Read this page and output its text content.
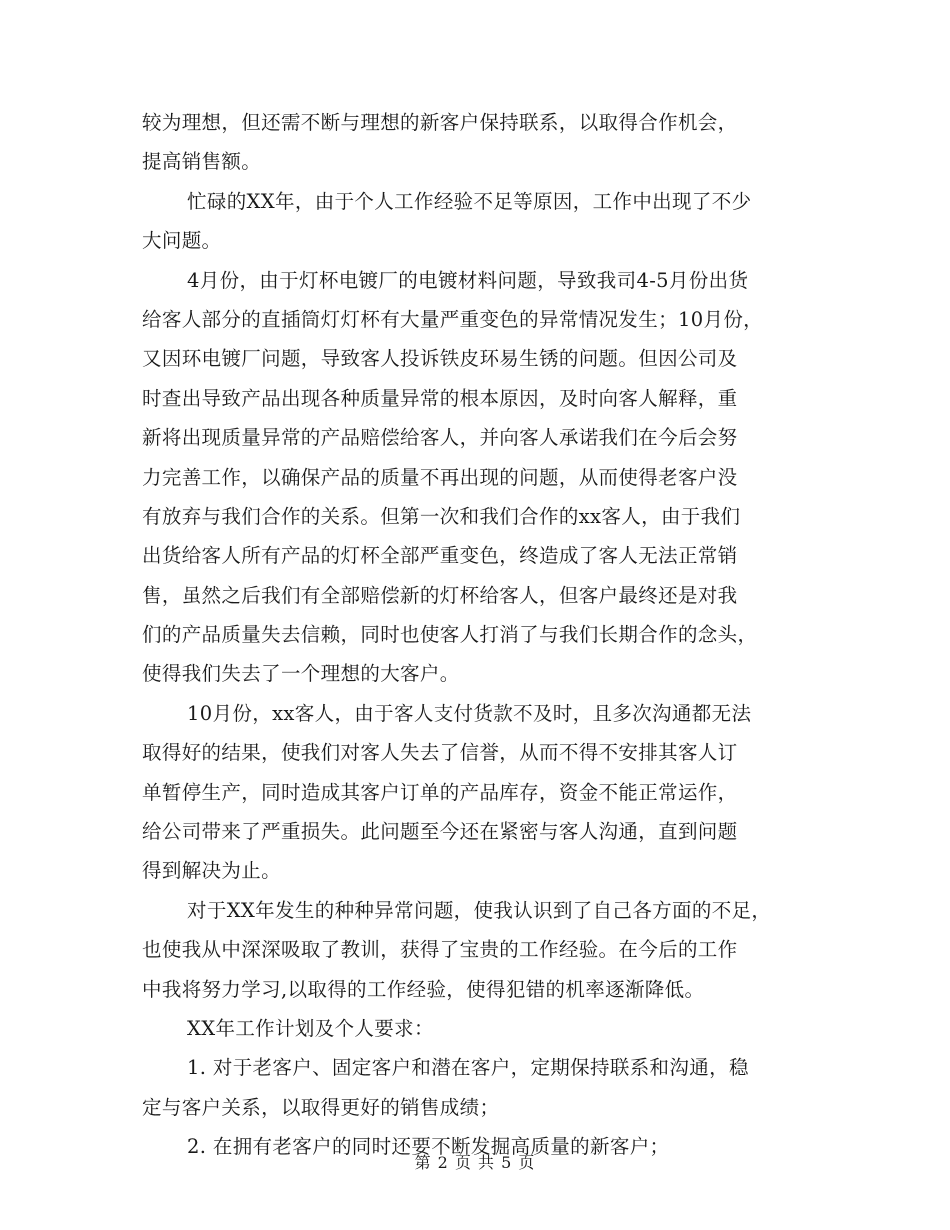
较为理想，但还需不断与理想的新客户保持联系，以取得合作机会，
提高销售额。
忙碌的XX年，由于个人工作经验不足等原因，工作中出现了不少
大问题。
4月份，由于灯杯电镀厂的电镀材料问题，导致我司4-5月份出货
给客人部分的直插筒灯灯杯有大量严重变色的异常情况发生；10月份，
又因环电镀厂问题，导致客人投诉铁皮环易生锈的问题。但因公司及
时查出导致产品出现各种质量异常的根本原因，及时向客人解释，重
新将出现质量异常的产品赔偿给客人，并向客人承诺我们在今后会努
力完善工作，以确保产品的质量不再出现的问题，从而使得老客户没
有放弃与我们合作的关系。但第一次和我们合作的xx客人，由于我们
出货给客人所有产品的灯杯全部严重变色，终造成了客人无法正常销
售，虽然之后我们有全部赔偿新的灯杯给客人，但客户最终还是对我
们的产品质量失去信赖，同时也使客人打消了与我们长期合作的念头，
使得我们失去了一个理想的大客户。
10月份，xx客人，由于客人支付货款不及时，且多次沟通都无法
取得好的结果，使我们对客人失去了信誉，从而不得不安排其客人订
单暂停生产，同时造成其客户订单的产品库存，资金不能正常运作，
给公司带来了严重损失。此问题至今还在紧密与客人沟通，直到问题
得到解决为止。
对于XX年发生的种种异常问题，使我认识到了自己各方面的不足，
也使我从中深深吸取了教训，获得了宝贵的工作经验。在今后的工作
中我将努力学习,以取得的工作经验，使得犯错的机率逐渐降低。
XX年工作计划及个人要求：
1. 对于老客户、固定客户和潜在客户，定期保持联系和沟通，稳
定与客户关系，以取得更好的销售成绩；
2. 在拥有老客户的同时还要不断发掘高质量的新客户；
第 2 页 共 5 页
